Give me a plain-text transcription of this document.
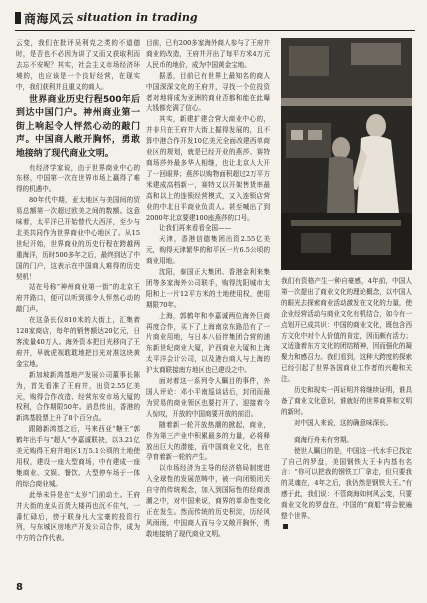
商海风云 situation in trading

云变，我们在批评吴利克之类的不道德时，是否也不必因为讲了又而又获取利而去忘不安呢？其实，社会主义市场经济环境的，也应该是一个良好经营，在现实中，我们获利并且重义的商人。

世界商业历史行程500年后到达中国门户。神州商业第一街上响起令人怦然心动的敲门声。中国商人敞开胸怀，勇敢地接纳了现代商业文明。

有经济学家说，由于世界商业中心的东移，中国第一次在世界市场上赢得了难得的机遇中。

80年代中期，亚太地区与美国间的贸易总额第一次超过欧美之间的数额。这意味着，太平洋已开始替代大西洋，至少与北美共同作为世界商业中心地区了。从15世纪开始，世界商业的历史行程在跨越两重海洋，历时500多年之后，最终到达了中国的门户，这表示在中国商人难得的历史契机！

站在号称“神州商业第一街”的北京王府井路口，便可以听到那令人怦然心动的敲门声。

在这条长仅810米的大街上，汇集着128家商店，每年的销售额达20亿元，日客流量40万人。海外资本把目光移向了王府井，早就虎视耽耽地把目光对准这块黄金宝地。

新加坡新鸿基地产发展公司董事长陈为，首先看准了王府井，出资2.55亿美元，购得合作改造、经营东安市场大厦的权利，合作期限50年。消息传出，香港的新鸿基股票上升了8个百分点。

跟随新鸿基之后，马来西亚“糖王”郭鹤年出手与“超人”李嘉诚联袂，以3.21亿美元购得王府井地区1万5.1公顷的土地使用权，建设一座大型商场，中有建成一座集商业、文娱、餐饮、大型停车场于一体的综合商业城。

此举未异是在“太岁”门前动土。王府井大街的龙头百货大楼再也沉不住气，一番忙碌后，傍于联身凡大宝豪的投资行列，与东城区房地产开发公司合作，成为中方的合作代表。

目前，已有200多家海外商人参与了王府井商业的改造，王府井开出了每平方米4万元人民币的地价，成为中国黄金宝地。

据悉，目前已有世界上最知名的商人中国深深文化的王府井，寻找一个位投资者对地将成为亚洲的商业否都和能在此曝大钱都充满了信心。

其实，新建扩建合营大商业中心的，并非只在王府井大街上掘得发展的，且不算中港合作开发10亿美元全面改建西单商业区的规划，就是已经开业的燕莎、赛特商场莎外最多华人相继，也让北京人大开了一回眼界；燕莎以购物面积超过2万平方米建成高档新一，赛特又以开架售货率最高和以上的连锁经营模式，又入连锁店营业的中北日平商业负责人。甚至喊出了到2000年北京要建100座燕莎的口号。

让我们再来看看全国——

天津，香港信德集团出资2.55亿美元，购得天津繁华的和平区一片6.5公顷的商业用地。

沈阳，泰国正大集团、香港金利来集团等多家海外公司联手，购得沈阳城市太阳和上一片12平方米的土地使用权，使用期限70年。

上海，郭鹤年和李嘉诚两位海外巨商再度合作，买下了上海南京东路沿有了一片商业用地，与日本八佰伴集团合营的浦东新世纪商业大厦，沪西商业大厦和上海太平洋会计公司，以及港台商人与上海的沪太商联接南方地区也已建设之中。

面对着这一系列令人瞩目的事件，外国人评论：邓小平南巡谈话后，封闭而最为贸易的商业领区也要打开了。迎接着今人惊叹，开放的中国商要开放的前沿。

随着新一轮开放热潮的掀起，商业，作为第三产业中积累最多的力量，必将释放出巨大的潜能，而中国商业文化，也在孕育着新一轮的产生。

以市场经济为主导的经济格局制度进入全球性的发展范畴中，被一向闭锁闭关自守的传统观念，加入到国际性的经商浪潮之中，对中国来说，商界的革命性变化正在发生。然而传统的历史积淀，历经风风雨雨，中国商人而与今又敞开胸怀，勇敢地接纳了现代商业文明。

我们有资格产生一种自豪感，4年前，中国人第一次提出了商业文化的理论概念，以中国人的眼光去探索商业活动激发在文化的力量，使企业经营活动与商业文化有机结合，如今有一点划开已成共识：中国的商业文化，既包含西方文化中对个人价值的肯定，因而颇有活力；又适逢着东方文化的团结精神，因而强化的凝聚力和感召力。我们看到，这种大跨度的探索已经引起了世界各国商业工作者的兴趣和关注。

历史和现实一再证明并将继续证明，谁具备了商业文化意识，谁就好的世界商界和文明的新时。

对中国人来说，这的确意味深长。

商海行舟未有穷期。

使世人瞩目的是，中国这一代水手已找定了自己的罗盘，美国钢铁大王卡内基有名言：“你可以把我的钢铁工厂拿走，但只要我的灵魂在，4年之后，我仍然是钢铁大王。”有感于此，我们说：不管商海如何风云变，只要商业文化的罗盘在，中国的“商船”将会驶遍整个世界。

8
